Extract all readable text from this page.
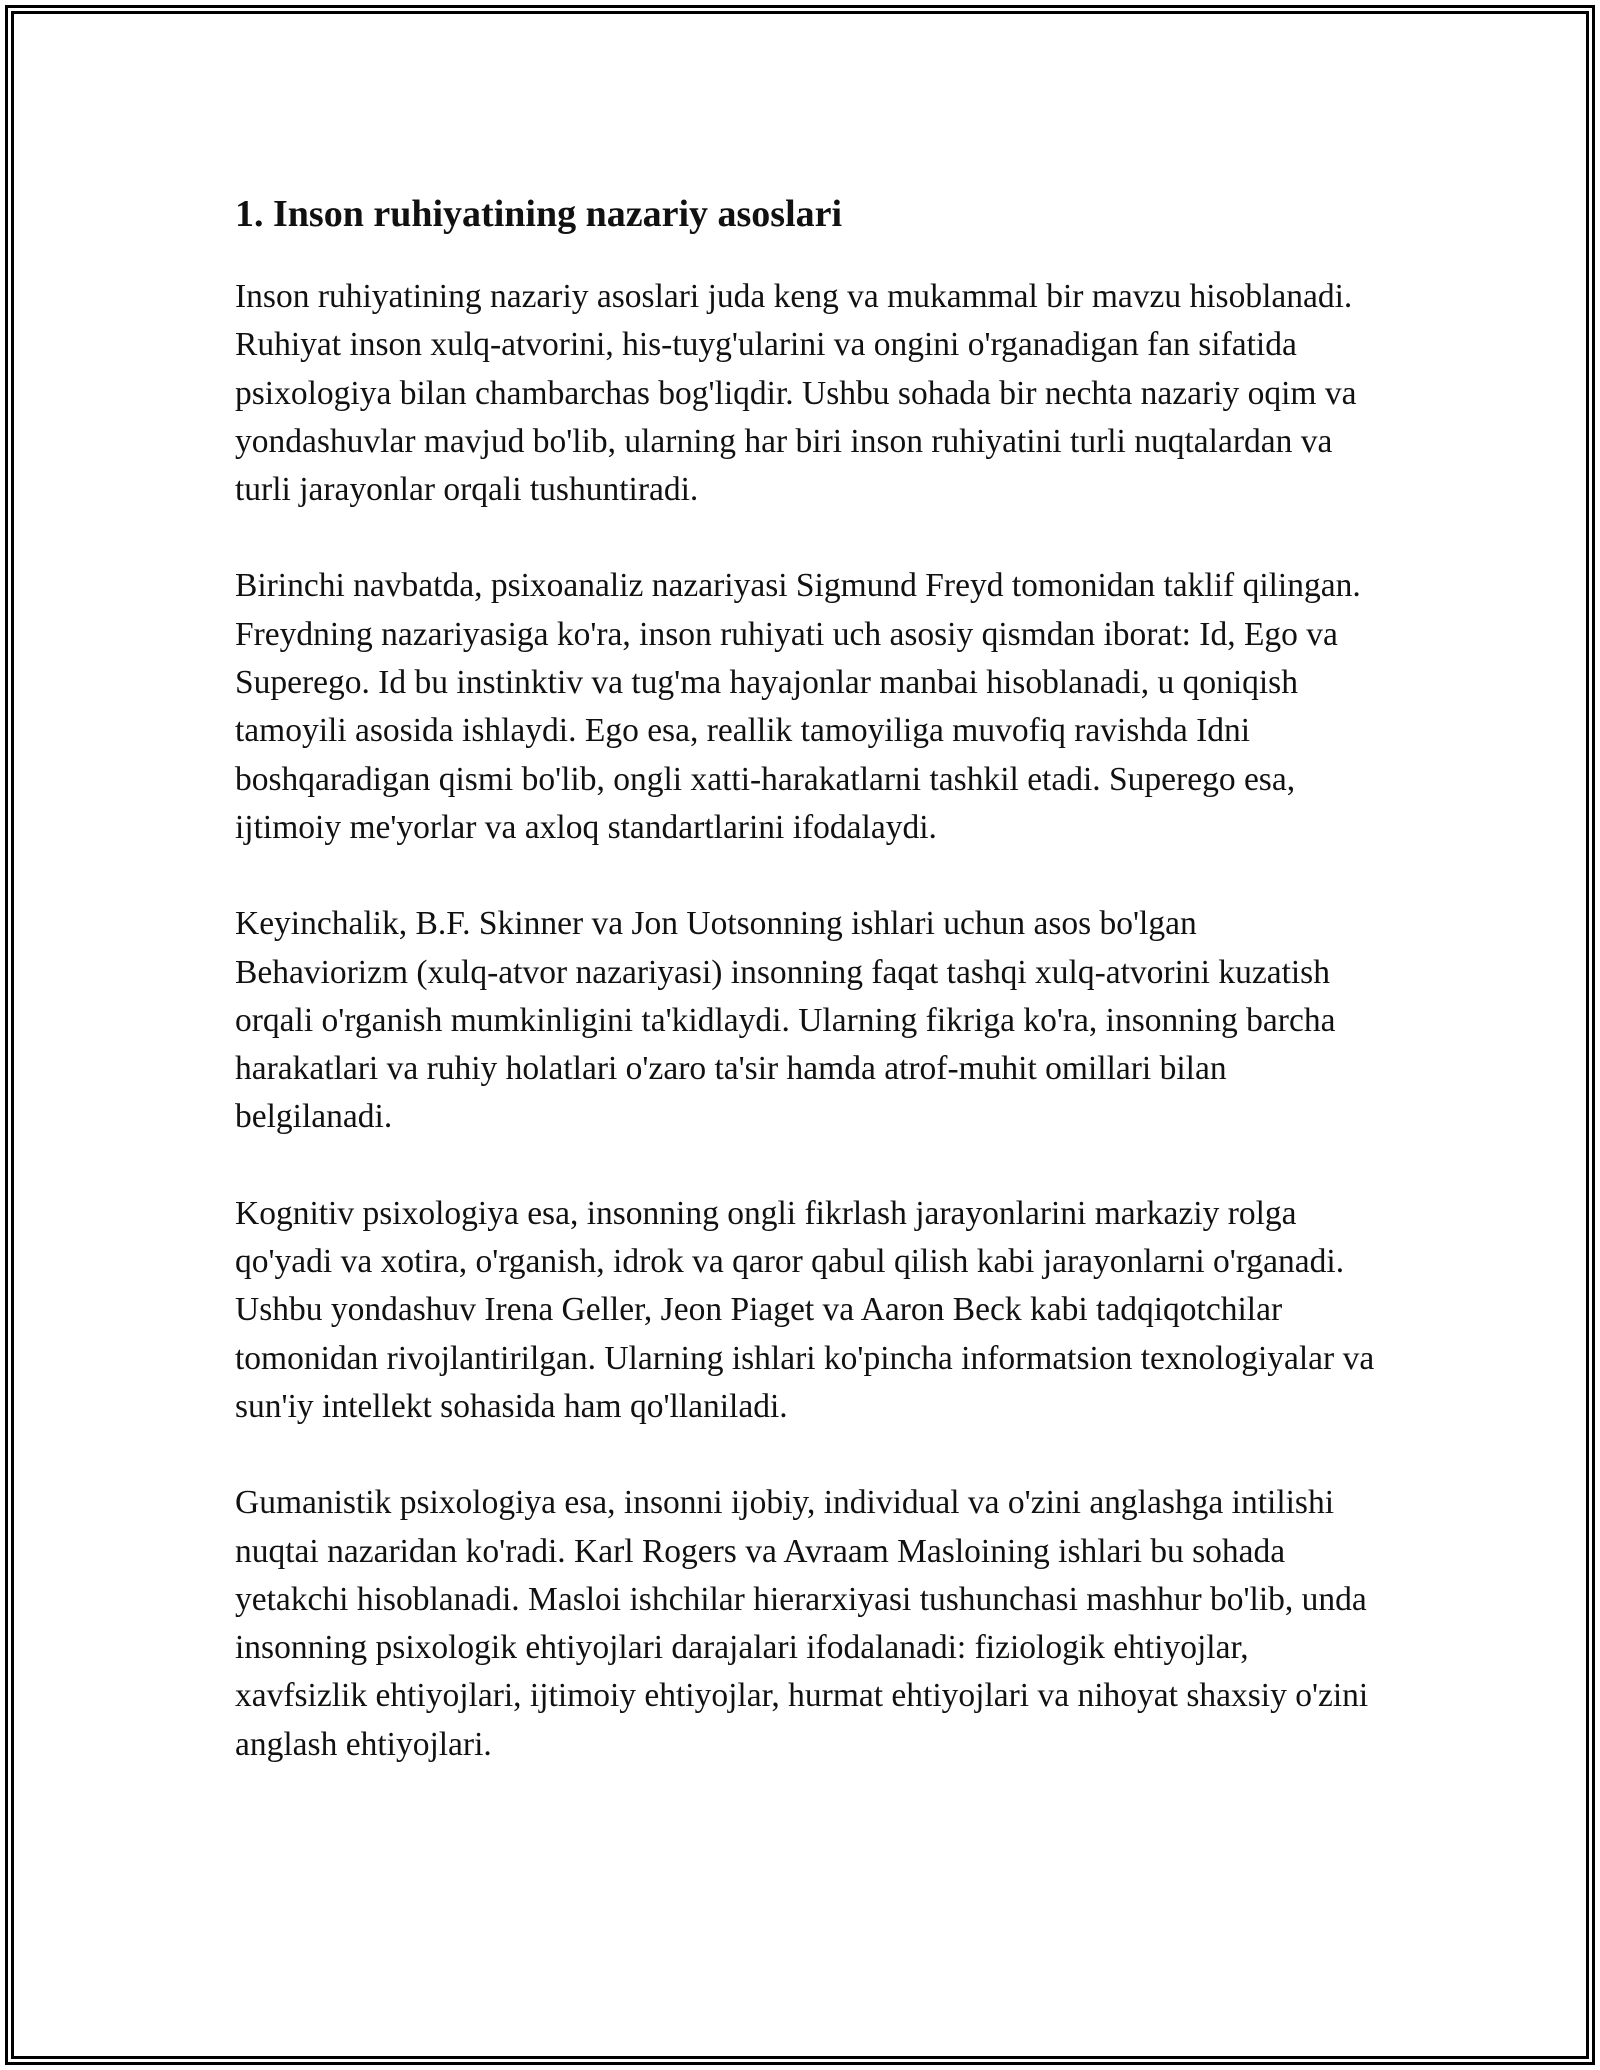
1. Inson ruhiyatining nazariy asoslari

Inson ruhiyatining nazariy asoslari juda keng va mukammal bir mavzu hisoblanadi. Ruhiyat inson xulq-atvorini, his-tuyg'ularini va ongini o'rganadigan fan sifatida psixologiya bilan chambarchas bog'liqdir. Ushbu sohada bir nechta nazariy oqim va yondashuvlar mavjud bo'lib, ularning har biri inson ruhiyatini turli nuqtalardan va turli jarayonlar orqali tushuntiradi.

Birinchi navbatda, psixoanaliz nazariyasi Sigmund Freyd tomonidan taklif qilingan. Freydning nazariyasiga ko'ra, inson ruhiyati uch asosiy qismdan iborat: Id, Ego va Superego. Id bu instinktiv va tug'ma hayajonlar manbai hisoblanadi, u qoniqish tamoyili asosida ishlaydi. Ego esa, reallik tamoyiliga muvofiq ravishda Idni boshqaradigan qismi bo'lib, ongli xatti-harakatlarni tashkil etadi. Superego esa, ijtimoiy me'yorlar va axloq standartlarini ifodalaydi.

Keyinchalik, B.F. Skinner va Jon Uotsonning ishlari uchun asos bo'lgan Behaviorizm (xulq-atvor nazariyasi) insonning faqat tashqi xulq-atvorini kuzatish orqali o'rganish mumkinligini ta'kidlaydi. Ularning fikriga ko'ra, insonning barcha harakatlari va ruhiy holatlari o'zaro ta'sir hamda atrof-muhit omillari bilan belgilanadi.

Kognitiv psixologiya esa, insonning ongli fikrlash jarayonlarini markaziy rolga qo'yadi va xotira, o'rganish, idrok va qaror qabul qilish kabi jarayonlarni o'rganadi. Ushbu yondashuv Irena Geller, Jeon Piaget va Aaron Beck kabi tadqiqotchilar tomonidan rivojlantirilgan. Ularning ishlari ko'pincha informatsion texnologiyalar va sun'iy intellekt sohasida ham qo'llaniladi.

Gumanistik psixologiya esa, insonni ijobiy, individual va o'zini anglashga intilishi nuqtai nazaridan ko'radi. Karl Rogers va Avraam Masloining ishlari bu sohada yetakchi hisoblanadi. Masloi ishchilar hierarxiyasi tushunchasi mashhur bo'lib, unda insonning psixologik ehtiyojlari darajalari ifodalanadi: fiziologik ehtiyojlar, xavfsizlik ehtiyojlari, ijtimoiy ehtiyojlar, hurmat ehtiyojlari va nihoyat shaxsiy o'zini anglash ehtiyojlari.
